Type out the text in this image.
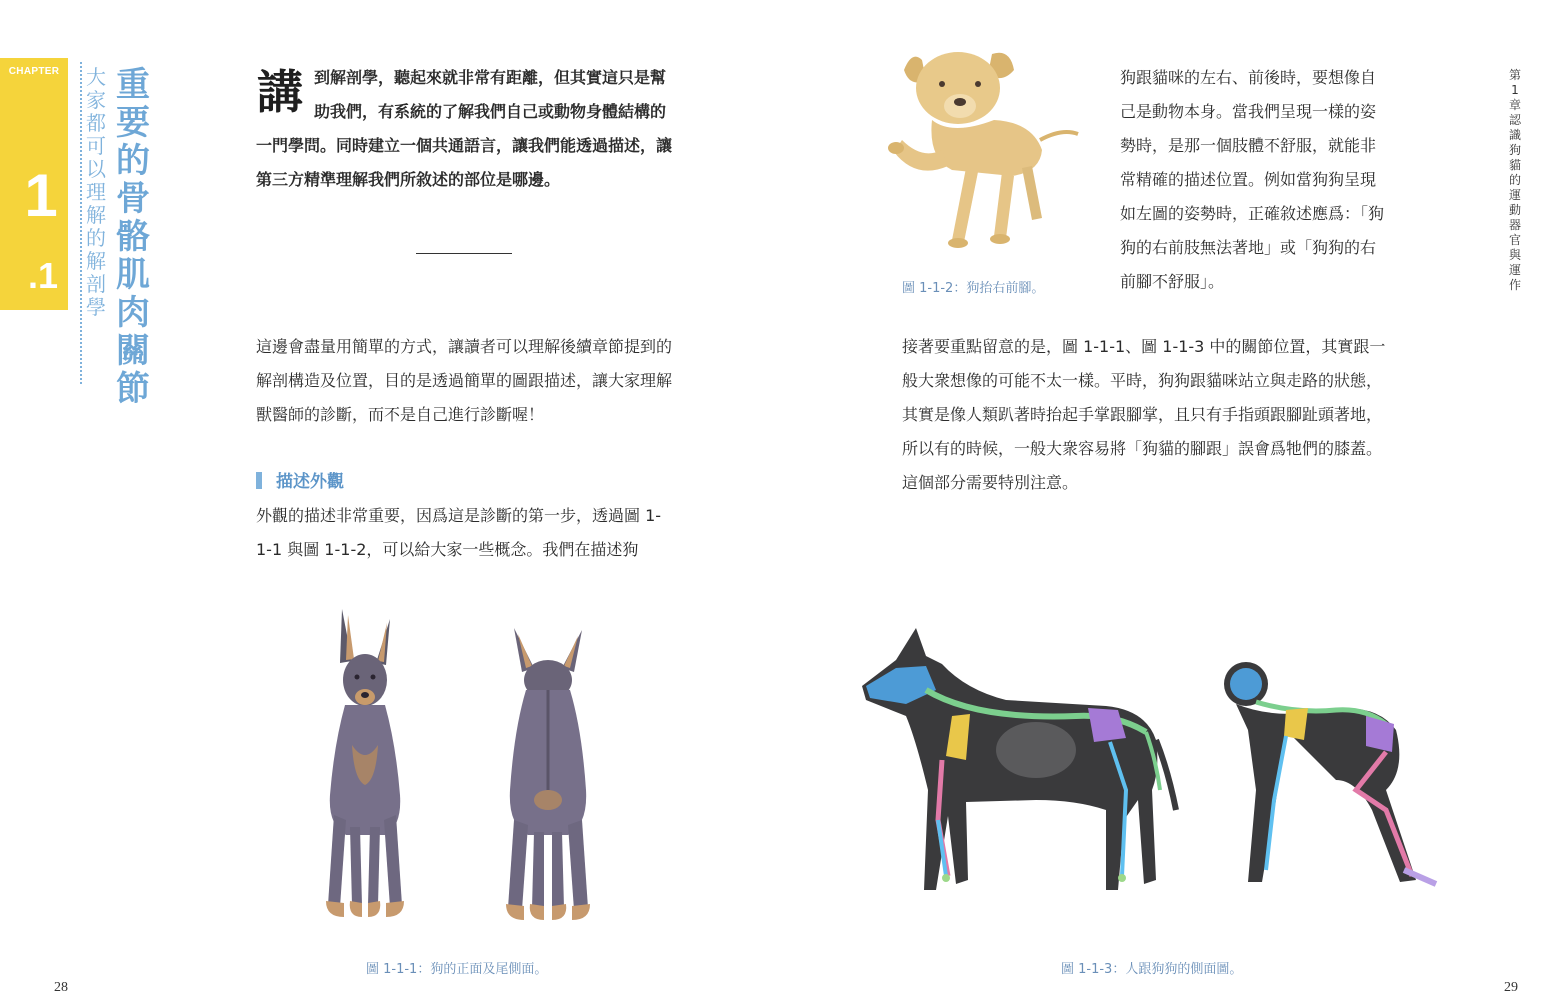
CHAPTER
1
.1
大家都可以理解的解剖學
重要的骨骼肌肉關節
講 到解剖學，聽起來就非常有距離，但其實這只是幫助我們，有系統的了解我們自己或動物身體結構的一門學問。同時建立一個共通語言，讓我們能透過描述，讓第三方精準理解我們所敘述的部位是哪邊。
這邊會盡量用簡單的方式，讓讀者可以理解後續章節提到的解剖構造及位置，目的是透過簡單的圖跟描述，讓大家理解獸醫師的診斷，而不是自己進行診斷喔！
描述外觀
外觀的描述非常重要，因爲這是診斷的第一步，透過圖 1-1-1 與圖 1-1-2，可以給大家一些概念。我們在描述狗
圖 1-1-1：狗的正面及尾側面。
28
狗跟貓咪的左右、前後時，要想像自己是動物本身。當我們呈現一樣的姿勢時，是那一個肢體不舒服，就能非常精確的描述位置。例如當狗狗呈現如左圖的姿勢時，正確敘述應爲：「狗狗的右前肢無法著地」或「狗狗的右前腳不舒服」。
圖 1-1-2：狗抬右前腳。
接著要重點留意的是，圖 1-1-1、圖 1-1-3 中的關節位置，其實跟一般大衆想像的可能不太一樣。平時，狗狗跟貓咪站立與走路的狀態，其實是像人類趴著時抬起手掌跟腳掌，且只有手指頭跟腳趾頭著地，所以有的時候，一般大衆容易將「狗貓的腳跟」誤會爲牠們的膝蓋。這個部分需要特別注意。
圖 1-1-3：人跟狗狗的側面圖。
第1章 認識狗貓的運動器官與運作
29
